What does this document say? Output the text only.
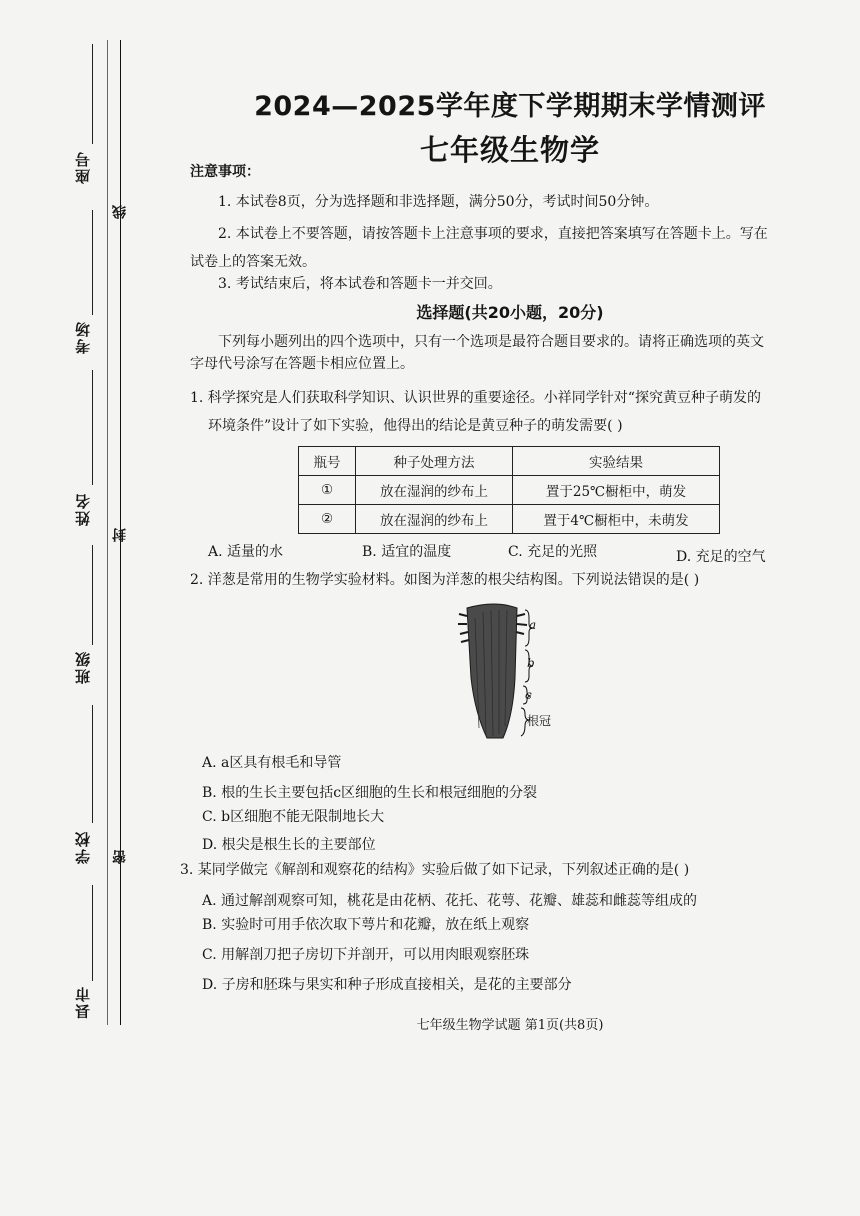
座号
考场
姓名
班级
学校
县市
线
封
密
2024—2025学年度下学期期末学情测评
七年级生物学
注意事项：
1. 本试卷8页，分为选择题和非选择题，满分50分，考试时间50分钟。
2. 本试卷上不要答题，请按答题卡上注意事项的要求，直接把答案填写在答题卡上。写在
试卷上的答案无效。
3. 考试结束后，将本试卷和答题卡一并交回。
选择题(共20小题，20分)
下列每小题列出的四个选项中，只有一个选项是最符合题目要求的。请将正确选项的英文
字母代号涂写在答题卡相应位置上。
1. 科学探究是人们获取科学知识、认识世界的重要途径。小祥同学针对“探究黄豆种子萌发的
环境条件”设计了如下实验，他得出的结论是黄豆种子的萌发需要( )
瓶号	种子处理方法	实验结果
①	放在湿润的纱布上	置于25℃橱柜中，萌发
②	放在湿润的纱布上	置于4℃橱柜中，未萌发
A. 适量的水	B. 适宜的温度	C. 充足的光照	D. 充足的空气
2. 洋葱是常用的生物学实验材料。如图为洋葱的根尖结构图。下列说法错误的是( )
a
b
c
根冠
A. a区具有根毛和导管
B. 根的生长主要包括c区细胞的生长和根冠细胞的分裂
C. b区细胞不能无限制地长大
D. 根尖是根生长的主要部位
3. 某同学做完《解剖和观察花的结构》实验后做了如下记录，下列叙述正确的是( )
A. 通过解剖观察可知，桃花是由花柄、花托、花萼、花瓣、雄蕊和雌蕊等组成的
B. 实验时可用手依次取下萼片和花瓣，放在纸上观察
C. 用解剖刀把子房切下并剖开，可以用肉眼观察胚珠
D. 子房和胚珠与果实和种子形成直接相关，是花的主要部分
七年级生物学试题 第1页(共8页)
